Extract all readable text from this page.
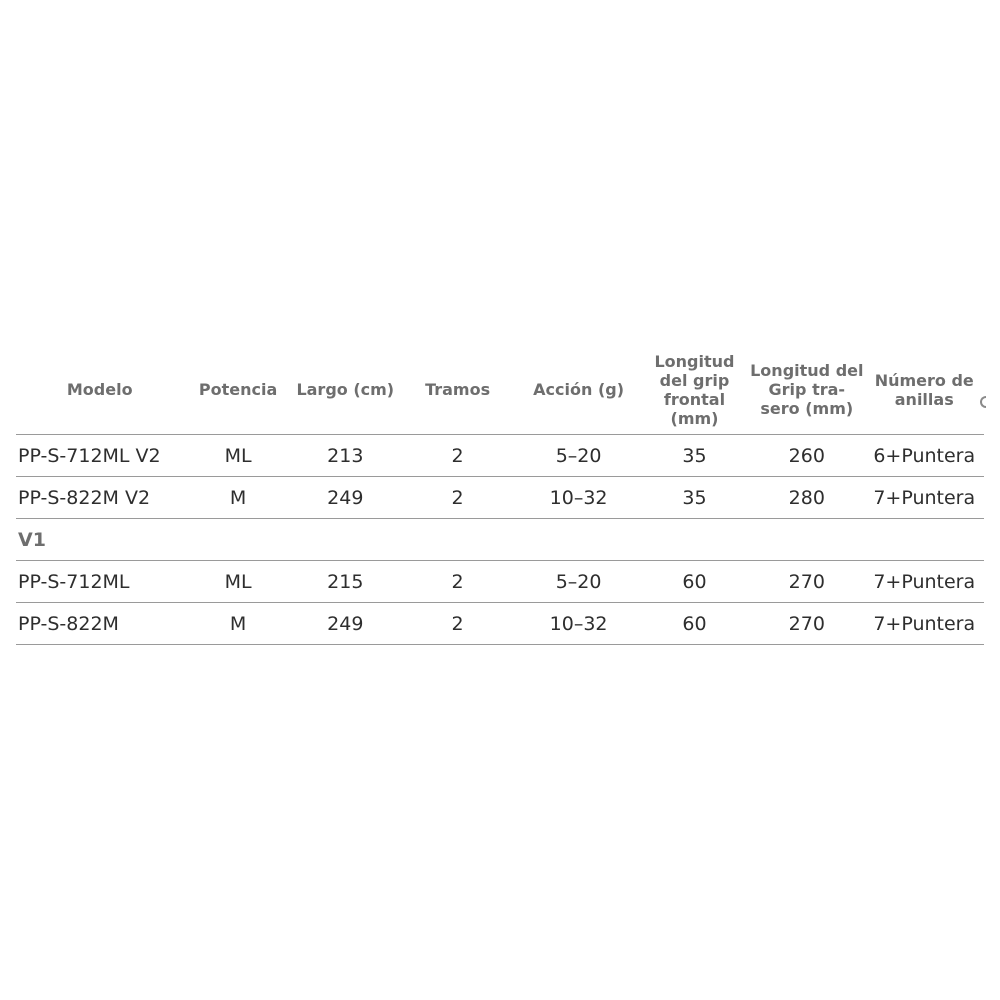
Modelo	Potencia	Largo (cm)	Tramos	Acción (g)	Longitud del grip frontal (mm)	Longitud del Grip tra-sero (mm)	Número de anillas
PP-S-712ML V2	ML	213	2	5–20	35	260	6+Puntera
PP-S-822M V2	M	249	2	10–32	35	280	7+Puntera
V1							
PP-S-712ML	ML	215	2	5–20	60	270	7+Puntera
PP-S-822M	M	249	2	10–32	60	270	7+Puntera
